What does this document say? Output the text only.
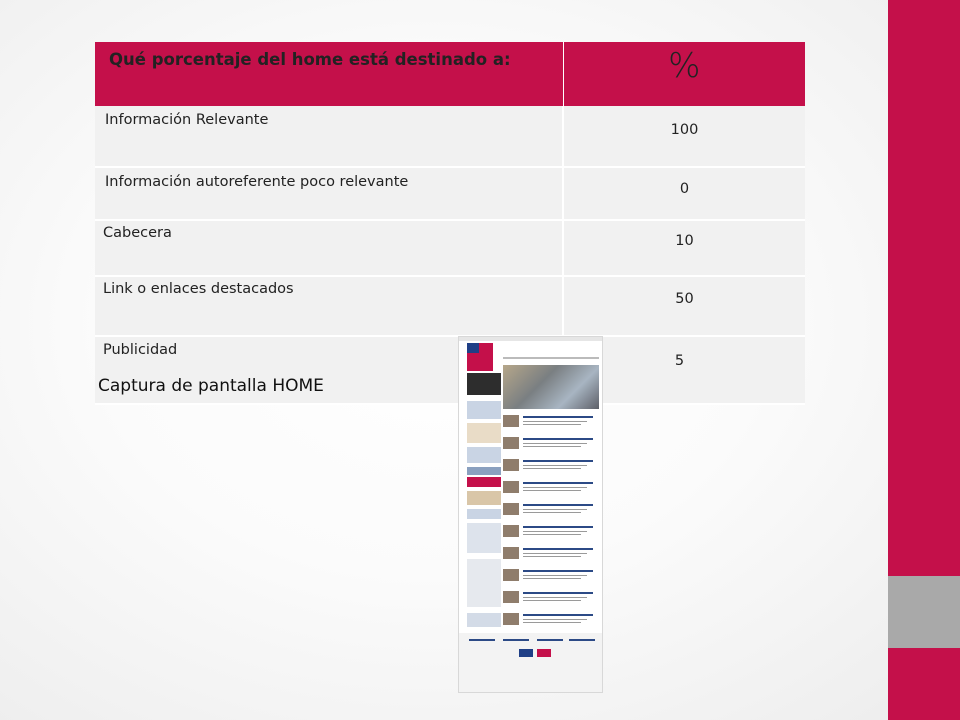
Qué porcentaje del home está destinado a:	%
Información Relevante	100
Información autoreferente poco relevante	0
Cabecera	10
Link o enlaces destacados	50
Publicidad	5
Captura de pantalla HOME
